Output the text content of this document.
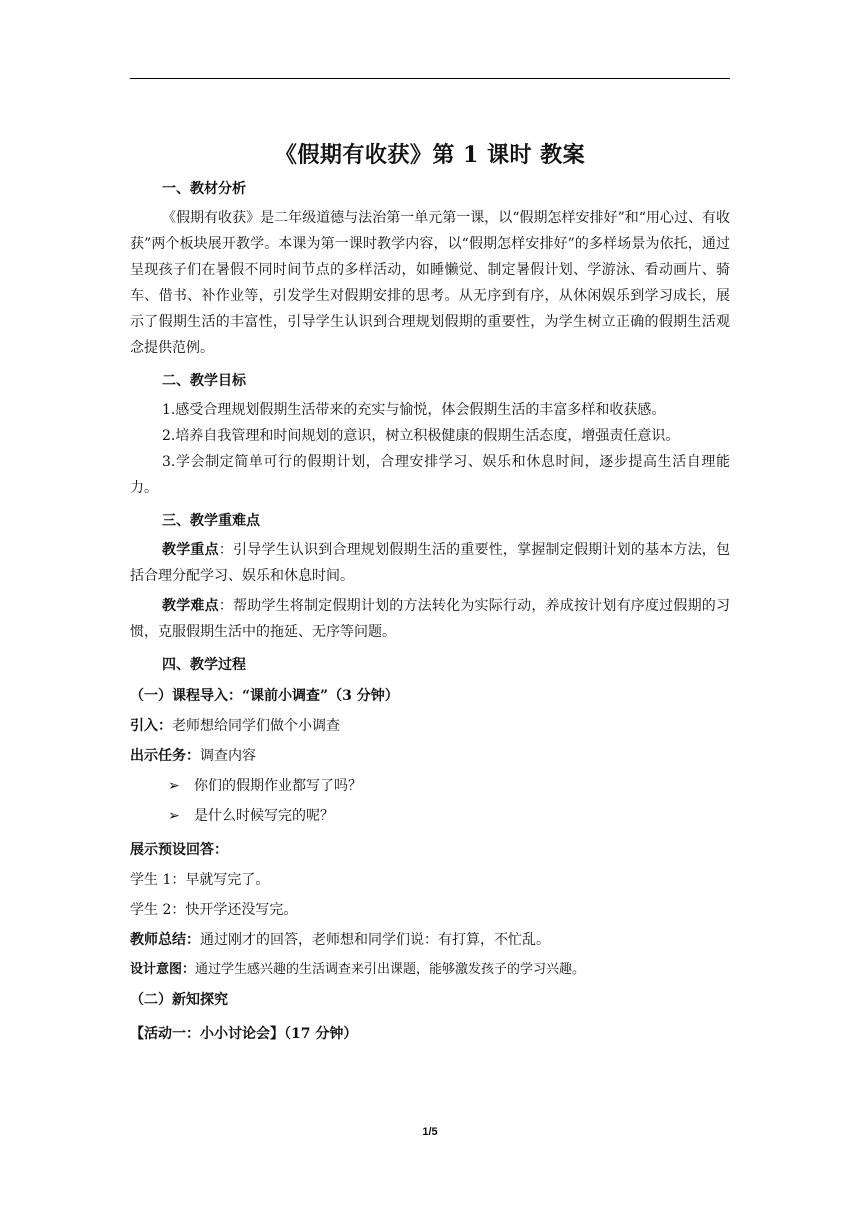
《假期有收获》第 1 课时 教案
一、教材分析

《假期有收获》是二年级道德与法治第一单元第一课，以“假期怎样安排好”和“用心过、有收获”两个板块展开教学。本课为第一课时教学内容，以“假期怎样安排好”的多样场景为依托，通过呈现孩子们在暑假不同时间节点的多样活动，如睡懒觉、制定暑假计划、学游泳、看动画片、骑车、借书、补作业等，引发学生对假期安排的思考。从无序到有序，从休闲娱乐到学习成长，展示了假期生活的丰富性，引导学生认识到合理规划假期的重要性，为学生树立正确的假期生活观念提供范例。

二、教学目标

1.感受合理规划假期生活带来的充实与愉悦，体会假期生活的丰富多样和收获感。

2.培养自我管理和时间规划的意识，树立积极健康的假期生活态度，增强责任意识。

3.学会制定简单可行的假期计划，合理安排学习、娱乐和休息时间，逐步提高生活自理能力。

三、教学重难点

教学重点：引导学生认识到合理规划假期生活的重要性，掌握制定假期计划的基本方法，包括合理分配学习、娱乐和休息时间。

教学难点：帮助学生将制定假期计划的方法转化为实际行动，养成按计划有序度过假期的习惯，克服假期生活中的拖延、无序等问题。

四、教学过程
（一）课程导入：“课前小调查”（3 分钟）

引入：老师想给同学们做个小调查

出示任务：调查内容

➢ 你们的假期作业都写了吗？
➢ 是什么时候写完的呢？

展示预设回答：

学生 1：早就写完了。

学生 2：快开学还没写完。

教师总结：通过刚才的回答，老师想和同学们说：有打算，不忙乱。

设计意图：通过学生感兴趣的生活调查来引出课题，能够激发孩子的学习兴趣。

（二）新知探究
【活动一：小小讨论会】（17 分钟）
1/5
